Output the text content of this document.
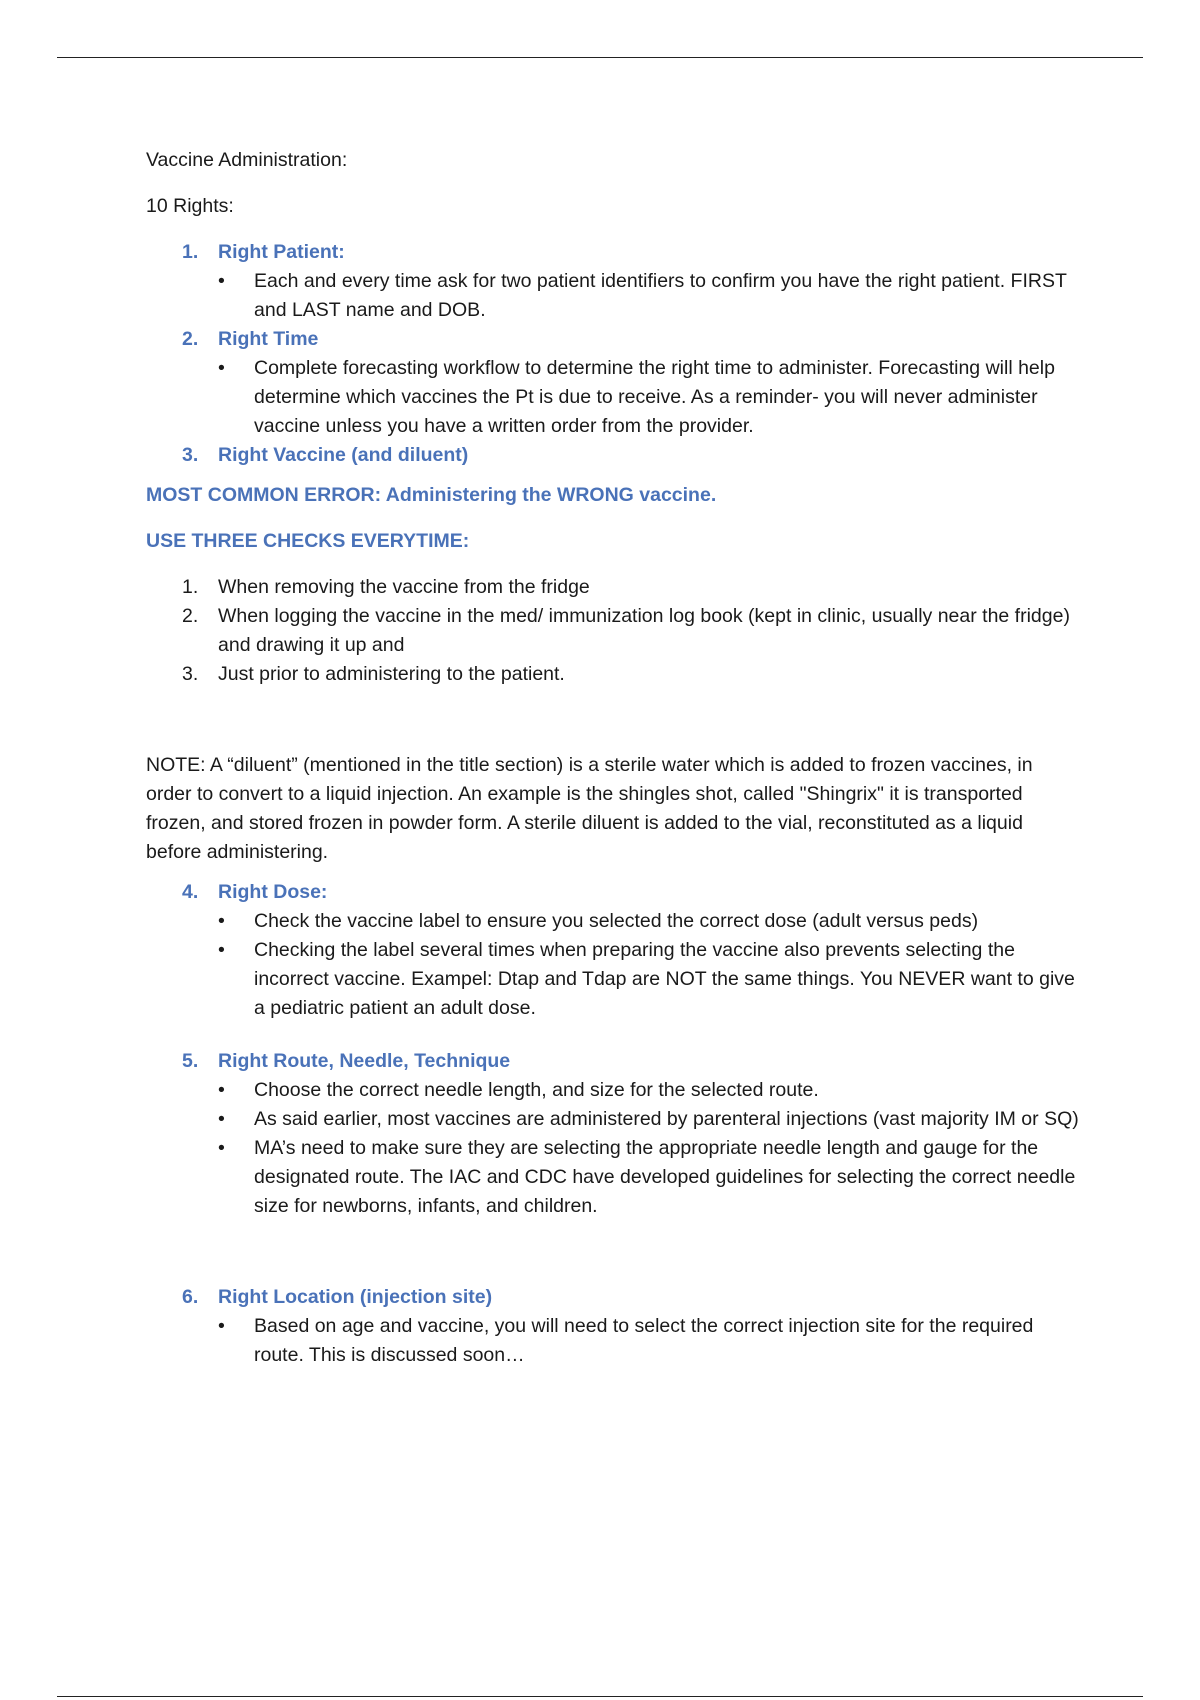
Vaccine Administration:

10 Rights:

1. Right Patient:
• Each and every time ask for two patient identifiers to confirm you have the right patient. FIRST and LAST name and DOB.
2. Right Time
• Complete forecasting workflow to determine the right time to administer. Forecasting will help determine which vaccines the Pt is due to receive. As a reminder- you will never administer vaccine unless you have a written order from the provider.
3. Right Vaccine (and diluent)

MOST COMMON ERROR: Administering the WRONG vaccine.

USE THREE CHECKS EVERYTIME:

1. When removing the vaccine from the fridge
2. When logging the vaccine in the med/ immunization log book (kept in clinic, usually near the fridge) and drawing it up and
3. Just prior to administering to the patient.

NOTE: A “diluent” (mentioned in the title section) is a sterile water which is added to frozen vaccines, in order to convert to a liquid injection. An example is the shingles shot, called "Shingrix" it is transported frozen, and stored frozen in powder form. A sterile diluent is added to the vial, reconstituted as a liquid before administering.

4. Right Dose:
• Check the vaccine label to ensure you selected the correct dose (adult versus peds)
• Checking the label several times when preparing the vaccine also prevents selecting the incorrect vaccine. Exampel: Dtap and Tdap are NOT the same things. You NEVER want to give a pediatric patient an adult dose.
5. Right Route, Needle, Technique
• Choose the correct needle length, and size for the selected route.
• As said earlier, most vaccines are administered by parenteral injections (vast majority IM or SQ)
• MA’s need to make sure they are selecting the appropriate needle length and gauge for the designated route. The IAC and CDC have developed guidelines for selecting the correct needle size for newborns, infants, and children.
6. Right Location (injection site)
• Based on age and vaccine, you will need to select the correct injection site for the required route. This is discussed soon…
